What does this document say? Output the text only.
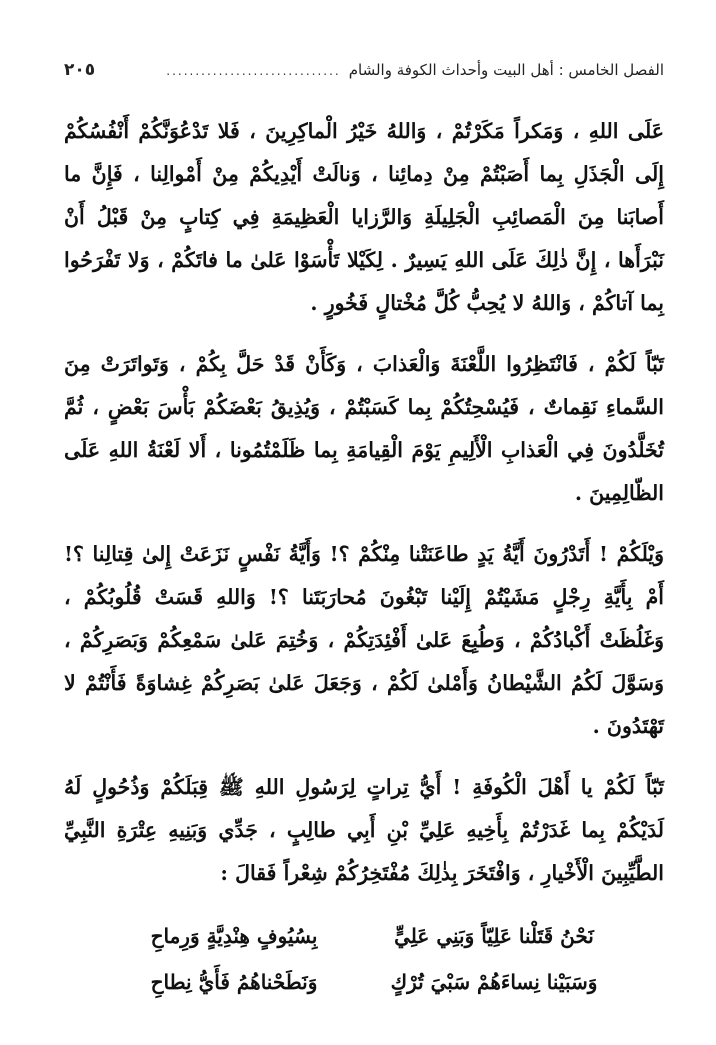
الفصل الخامس : أهل البيت وأحداث الكوفة والشام
..............................
٢٠٥

عَلَى اللهِ ، وَمَكراً مَكَرْتُمْ ، وَاللهُ خَيْرُ الْماكِرِينَ ، فَلا تَدْعُوَنَّكُمْ أَنْفُسُكُمْ إِلَى الْجَذَلِ بِما أَصَبْتُمْ مِنْ دِمائِنا ، وَنالَتْ أَيْدِيكُمْ مِنْ أَمْوالِنا ، فَإِنَّ ما أَصابَنا مِنَ الْمَصائِبِ الْجَلِيلَةِ وَالرَّزايا الْعَظِيمَةِ فِي كِتابٍ مِنْ قَبْلُ أَنْ نَبْرَأَها ، إِنَّ ذٰلِكَ عَلَى اللهِ يَسِيرٌ . لِكَيْلا تَأْسَوْا عَلىٰ ما فاتَكُمْ ، وَلا تَفْرَحُوا بِما آتاكُمْ ، وَاللهُ لا يُحِبُّ كُلَّ مُخْتالٍ فَخُورٍ .

تَبّاً لَكُمْ ، فَانْتَظِرُوا اللَّعْنَةَ وَالْعَذابَ ، وَكَأَنْ قَدْ حَلَّ بِكُمْ ، وَتَواتَرَتْ مِنَ السَّماءِ نَقِماتٌ ، فَيُسْحِتُكُمْ بِما كَسَبْتُمْ ، وَيُذِيقُ بَعْضَكُمْ بَأْسَ بَعْضٍ ، ثُمَّ تُخَلَّدُونَ فِي الْعَذابِ الْأَلِيمِ يَوْمَ الْقِيامَةِ بِما ظَلَمْتُمُونا ، أَلا لَعْنَةُ اللهِ عَلَى الظّالِمِينَ .

وَيْلَكُمْ ! أَتَدْرُونَ أَيَّةُ يَدٍ طاعَنَتْنا مِنْكُمْ ؟! وَأَيَّةُ نَفْسٍ نَزَعَتْ إِلىٰ قِتالِنا ؟! أَمْ بِأَيَّةِ رِجْلٍ مَشَيْتُمْ إِلَيْنا تَبْغُونَ مُحارَبَتَنا ؟! وَاللهِ قَسَتْ قُلُوبُكُمْ ، وَغَلُظَتْ أَكْبادُكُمْ ، وَطُبِعَ عَلىٰ أَفْئِدَتِكُمْ ، وَخُتِمَ عَلىٰ سَمْعِكُمْ وَبَصَرِكُمْ ، وَسَوَّلَ لَكُمُ الشَّيْطانُ وَأَمْلىٰ لَكُمْ ، وَجَعَلَ عَلىٰ بَصَرِكُمْ غِشاوَةً فَأَنْتُمْ لا تَهْتَدُونَ .

تَبّاً لَكُمْ يا أَهْلَ الْكُوفَةِ ! أَيُّ تِراتٍ لِرَسُولِ اللهِ ﷺ قِبَلَكُمْ وَذُحُولٍ لَهُ لَدَيْكُمْ بِما غَدَرْتُمْ بِأَخِيهِ عَلِيِّ بْنِ أَبِي طالِبٍ ، جَدِّي وَبَنِيهِ عِتْرَةِ النَّبِيِّ الطَّيِّبِينَ الْأَخْيارِ ، وَافْتَخَرَ بِذٰلِكَ مُفْتَخِرُكُمْ شِعْراً فَقالَ :

نَحْنُ قَتَلْنا عَلِيّاً وَبَنِي عَلِيٍّ
بِسُيُوفٍ هِنْدِيَّةٍ وَرِماحِ
وَسَبَيْنا نِساءَهُمْ سَبْيَ تُرْكٍ
وَنَطَحْناهُمُ فَأَيُّ نِطاحِ
